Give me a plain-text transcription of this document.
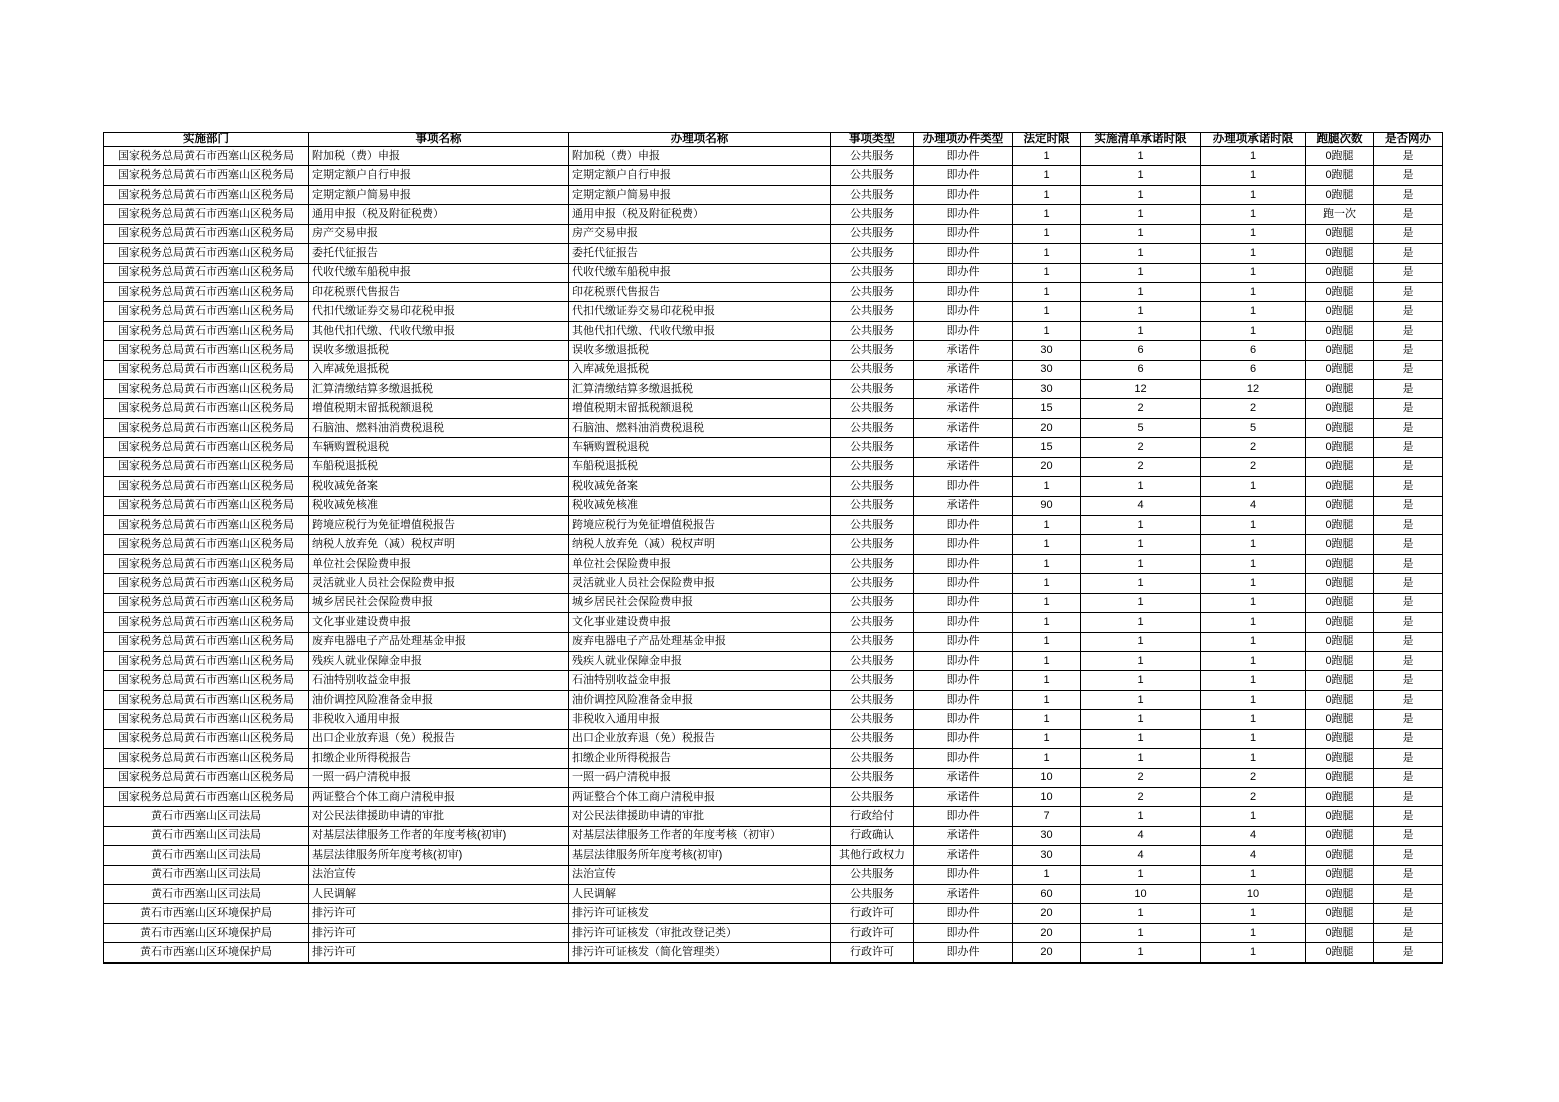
实施部门	事项名称	办理项名称	事项类型	办理项办件类型	法定时限	实施清单承诺时限	办理项承诺时限	跑腿次数	是否网办
国家税务总局黄石市西塞山区税务局	附加税（费）申报	附加税（费）申报	公共服务	即办件	1	1	1	0跑腿	是
国家税务总局黄石市西塞山区税务局	定期定额户自行申报	定期定额户自行申报	公共服务	即办件	1	1	1	0跑腿	是
国家税务总局黄石市西塞山区税务局	定期定额户简易申报	定期定额户简易申报	公共服务	即办件	1	1	1	0跑腿	是
国家税务总局黄石市西塞山区税务局	通用申报（税及附征税费）	通用申报（税及附征税费）	公共服务	即办件	1	1	1	跑一次	是
国家税务总局黄石市西塞山区税务局	房产交易申报	房产交易申报	公共服务	即办件	1	1	1	0跑腿	是
国家税务总局黄石市西塞山区税务局	委托代征报告	委托代征报告	公共服务	即办件	1	1	1	0跑腿	是
国家税务总局黄石市西塞山区税务局	代收代缴车船税申报	代收代缴车船税申报	公共服务	即办件	1	1	1	0跑腿	是
国家税务总局黄石市西塞山区税务局	印花税票代售报告	印花税票代售报告	公共服务	即办件	1	1	1	0跑腿	是
国家税务总局黄石市西塞山区税务局	代扣代缴证券交易印花税申报	代扣代缴证券交易印花税申报	公共服务	即办件	1	1	1	0跑腿	是
国家税务总局黄石市西塞山区税务局	其他代扣代缴、代收代缴申报	其他代扣代缴、代收代缴申报	公共服务	即办件	1	1	1	0跑腿	是
国家税务总局黄石市西塞山区税务局	误收多缴退抵税	误收多缴退抵税	公共服务	承诺件	30	6	6	0跑腿	是
国家税务总局黄石市西塞山区税务局	入库减免退抵税	入库减免退抵税	公共服务	承诺件	30	6	6	0跑腿	是
国家税务总局黄石市西塞山区税务局	汇算清缴结算多缴退抵税	汇算清缴结算多缴退抵税	公共服务	承诺件	30	12	12	0跑腿	是
国家税务总局黄石市西塞山区税务局	增值税期末留抵税额退税	增值税期末留抵税额退税	公共服务	承诺件	15	2	2	0跑腿	是
国家税务总局黄石市西塞山区税务局	石脑油、燃料油消费税退税	石脑油、燃料油消费税退税	公共服务	承诺件	20	5	5	0跑腿	是
国家税务总局黄石市西塞山区税务局	车辆购置税退税	车辆购置税退税	公共服务	承诺件	15	2	2	0跑腿	是
国家税务总局黄石市西塞山区税务局	车船税退抵税	车船税退抵税	公共服务	承诺件	20	2	2	0跑腿	是
国家税务总局黄石市西塞山区税务局	税收减免备案	税收减免备案	公共服务	即办件	1	1	1	0跑腿	是
国家税务总局黄石市西塞山区税务局	税收减免核准	税收减免核准	公共服务	承诺件	90	4	4	0跑腿	是
国家税务总局黄石市西塞山区税务局	跨境应税行为免征增值税报告	跨境应税行为免征增值税报告	公共服务	即办件	1	1	1	0跑腿	是
国家税务总局黄石市西塞山区税务局	纳税人放弃免（减）税权声明	纳税人放弃免（减）税权声明	公共服务	即办件	1	1	1	0跑腿	是
国家税务总局黄石市西塞山区税务局	单位社会保险费申报	单位社会保险费申报	公共服务	即办件	1	1	1	0跑腿	是
国家税务总局黄石市西塞山区税务局	灵活就业人员社会保险费申报	灵活就业人员社会保险费申报	公共服务	即办件	1	1	1	0跑腿	是
国家税务总局黄石市西塞山区税务局	城乡居民社会保险费申报	城乡居民社会保险费申报	公共服务	即办件	1	1	1	0跑腿	是
国家税务总局黄石市西塞山区税务局	文化事业建设费申报	文化事业建设费申报	公共服务	即办件	1	1	1	0跑腿	是
国家税务总局黄石市西塞山区税务局	废弃电器电子产品处理基金申报	废弃电器电子产品处理基金申报	公共服务	即办件	1	1	1	0跑腿	是
国家税务总局黄石市西塞山区税务局	残疾人就业保障金申报	残疾人就业保障金申报	公共服务	即办件	1	1	1	0跑腿	是
国家税务总局黄石市西塞山区税务局	石油特别收益金申报	石油特别收益金申报	公共服务	即办件	1	1	1	0跑腿	是
国家税务总局黄石市西塞山区税务局	油价调控风险准备金申报	油价调控风险准备金申报	公共服务	即办件	1	1	1	0跑腿	是
国家税务总局黄石市西塞山区税务局	非税收入通用申报	非税收入通用申报	公共服务	即办件	1	1	1	0跑腿	是
国家税务总局黄石市西塞山区税务局	出口企业放弃退（免）税报告	出口企业放弃退（免）税报告	公共服务	即办件	1	1	1	0跑腿	是
国家税务总局黄石市西塞山区税务局	扣缴企业所得税报告	扣缴企业所得税报告	公共服务	即办件	1	1	1	0跑腿	是
国家税务总局黄石市西塞山区税务局	一照一码户清税申报	一照一码户清税申报	公共服务	承诺件	10	2	2	0跑腿	是
国家税务总局黄石市西塞山区税务局	两证整合个体工商户清税申报	两证整合个体工商户清税申报	公共服务	承诺件	10	2	2	0跑腿	是
黄石市西塞山区司法局	对公民法律援助申请的审批	对公民法律援助申请的审批	行政给付	即办件	7	1	1	0跑腿	是
黄石市西塞山区司法局	对基层法律服务工作者的年度考核(初审)	对基层法律服务工作者的年度考核（初审）	行政确认	承诺件	30	4	4	0跑腿	是
黄石市西塞山区司法局	基层法律服务所年度考核(初审)	基层法律服务所年度考核(初审)	其他行政权力	承诺件	30	4	4	0跑腿	是
黄石市西塞山区司法局	法治宣传	法治宣传	公共服务	即办件	1	1	1	0跑腿	是
黄石市西塞山区司法局	人民调解	人民调解	公共服务	承诺件	60	10	10	0跑腿	是
黄石市西塞山区环境保护局	排污许可	排污许可证核发	行政许可	即办件	20	1	1	0跑腿	是
黄石市西塞山区环境保护局	排污许可	排污许可证核发（审批改登记类）	行政许可	即办件	20	1	1	0跑腿	是
黄石市西塞山区环境保护局	排污许可	排污许可证核发（简化管理类）	行政许可	即办件	20	1	1	0跑腿	是
